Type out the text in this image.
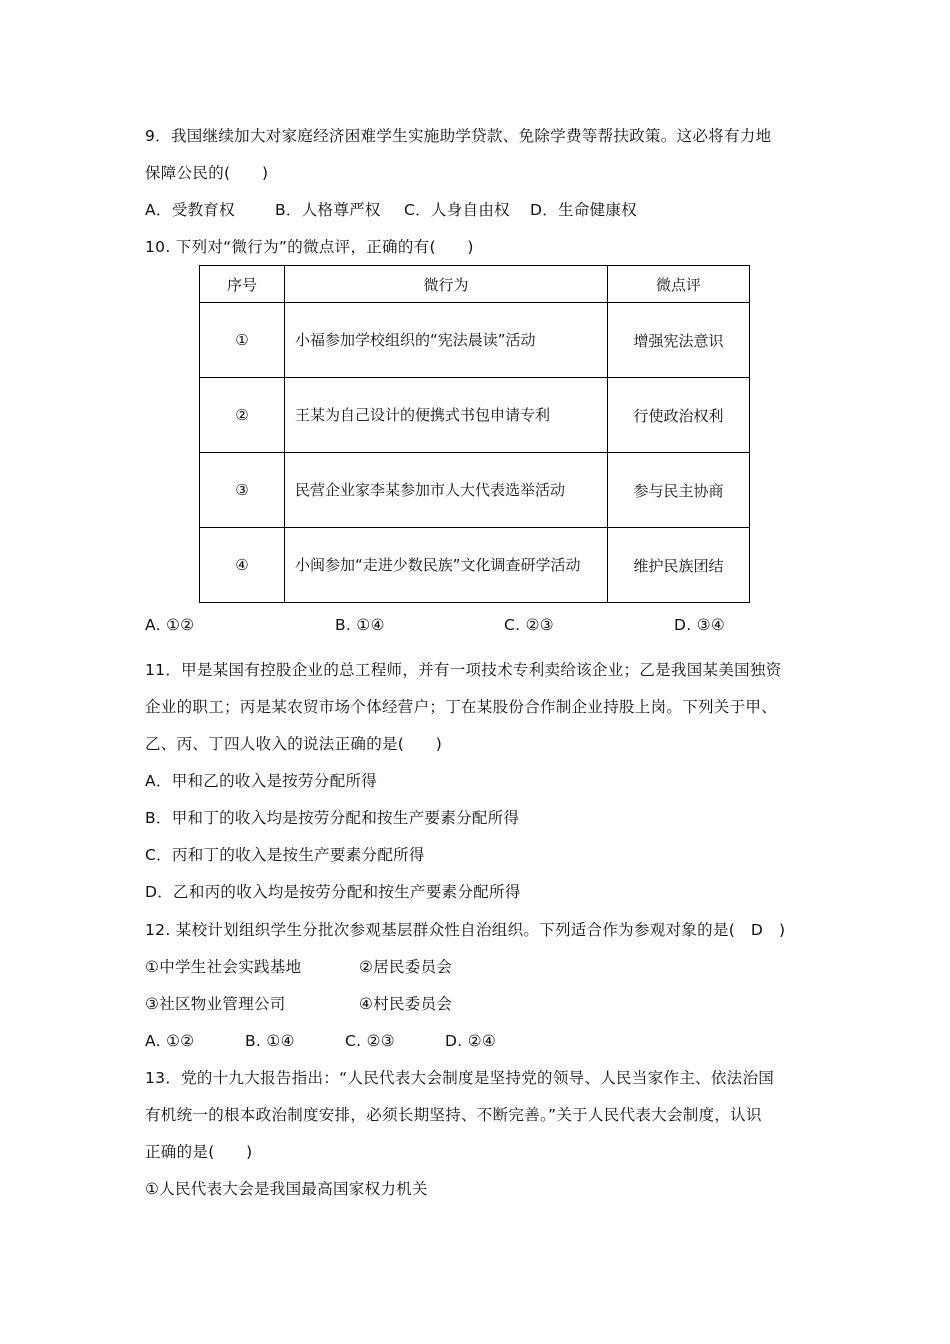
9．我国继续加大对家庭经济困难学生实施助学贷款、免除学费等帮扶政策。这必将有力地
保障公民的(　　)
A．受教育权	B．人格尊严权 C．人身自由权 D．生命健康权
10. 下列对“微行为”的微点评，正确的有(　　)
序号	微行为	微点评
①	小福参加学校组织的“宪法晨读”活动	增强宪法意识
②	王某为自己设计的便携式书包申请专利	行使政治权利
③	民营企业家李某参加市人大代表选举活动	参与民主协商
④	小闽参加“走进少数民族”文化调查研学活动	维护民族团结
A. ①②	B. ①④	C. ②③	D. ③④
11．甲是某国有控股企业的总工程师，并有一项技术专利卖给该企业；乙是我国某美国独资
企业的职工；丙是某农贸市场个体经营户；丁在某股份合作制企业持股上岗。下列关于甲、
乙、丙、丁四人收入的说法正确的是(　　)
A．甲和乙的收入是按劳分配所得
B．甲和丁的收入均是按劳分配和按生产要素分配所得
C．丙和丁的收入是按生产要素分配所得
D．乙和丙的收入均是按劳分配和按生产要素分配所得
12. 某校计划组织学生分批次参观基层群众性自治组织。下列适合作为参观对象的是(　D　)
①中学生社会实践基地	②居民委员会
③社区物业管理公司	④村民委员会
A. ①②	B. ①④	C. ②③	D. ②④
13．党的十九大报告指出：“人民代表大会制度是坚持党的领导、人民当家作主、依法治国
有机统一的根本政治制度安排，必须长期坚持、不断完善。”关于人民代表大会制度，认识
正确的是(　　)
①人民代表大会是我国最高国家权力机关
